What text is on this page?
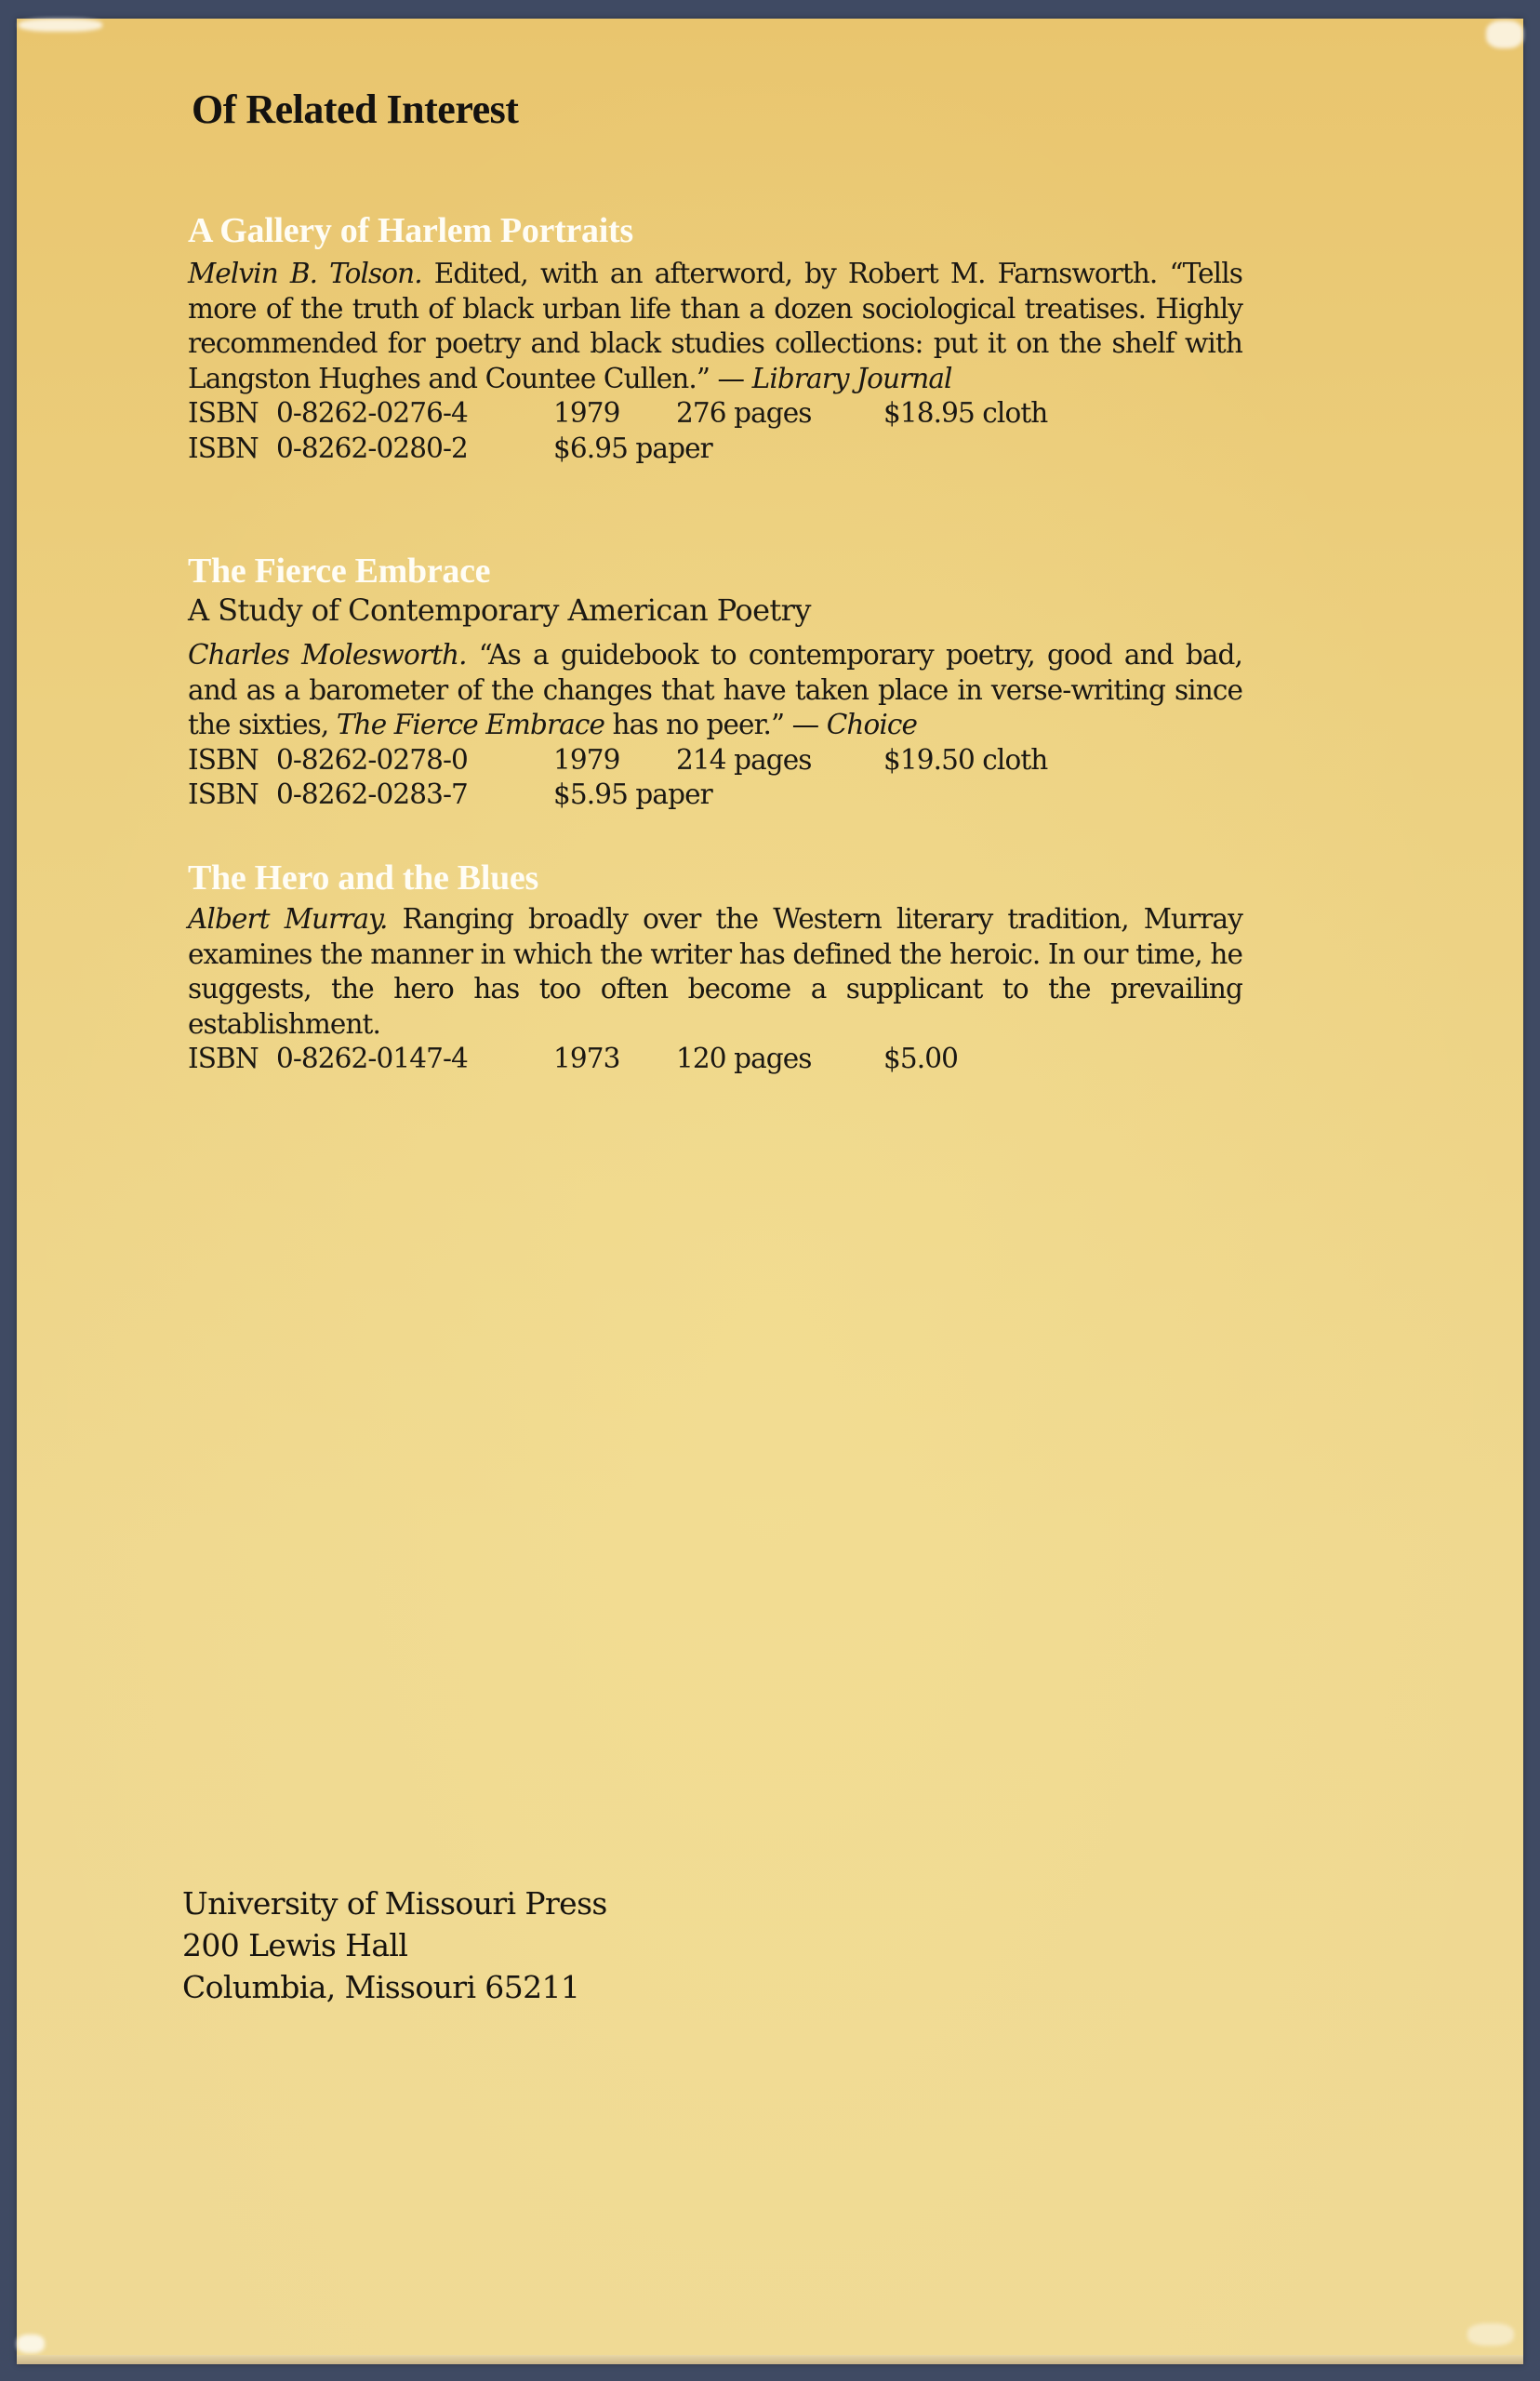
Of Related Interest
A Gallery of Harlem Portraits

Melvin B. Tolson. Edited, with an afterword, by Robert M. Farnsworth. “Tells more of the truth of black urban life than a dozen sociological treatises. Highly recommended for poetry and black studies collections: put it on the shelf with Langston Hughes and Countee Cullen.” — Library Journal

ISBN 0-8262-0276-4	1979 276 pages	$18.95 cloth
ISBN 0-8262-0280-2	$6.95 paper
The Fierce Embrace

A Study of Contemporary American Poetry

Charles Molesworth. “As a guidebook to contemporary poetry, good and bad, and as a barometer of the changes that have taken place in verse-writing since the sixties, The Fierce Embrace has no peer.” — Choice

ISBN 0-8262-0278-0	1979 214 pages	$19.50 cloth
ISBN 0-8262-0283-7	$5.95 paper
The Hero and the Blues

Albert Murray. Ranging broadly over the Western literary tradition, Murray examines the manner in which the writer has defined the heroic. In our time, he suggests, the hero has too often become a supplicant to the prevailing establishment.

ISBN 0-8262-0147-4	1973 120 pages	$5.00
University of Missouri Press
200 Lewis Hall
Columbia, Missouri 65211
